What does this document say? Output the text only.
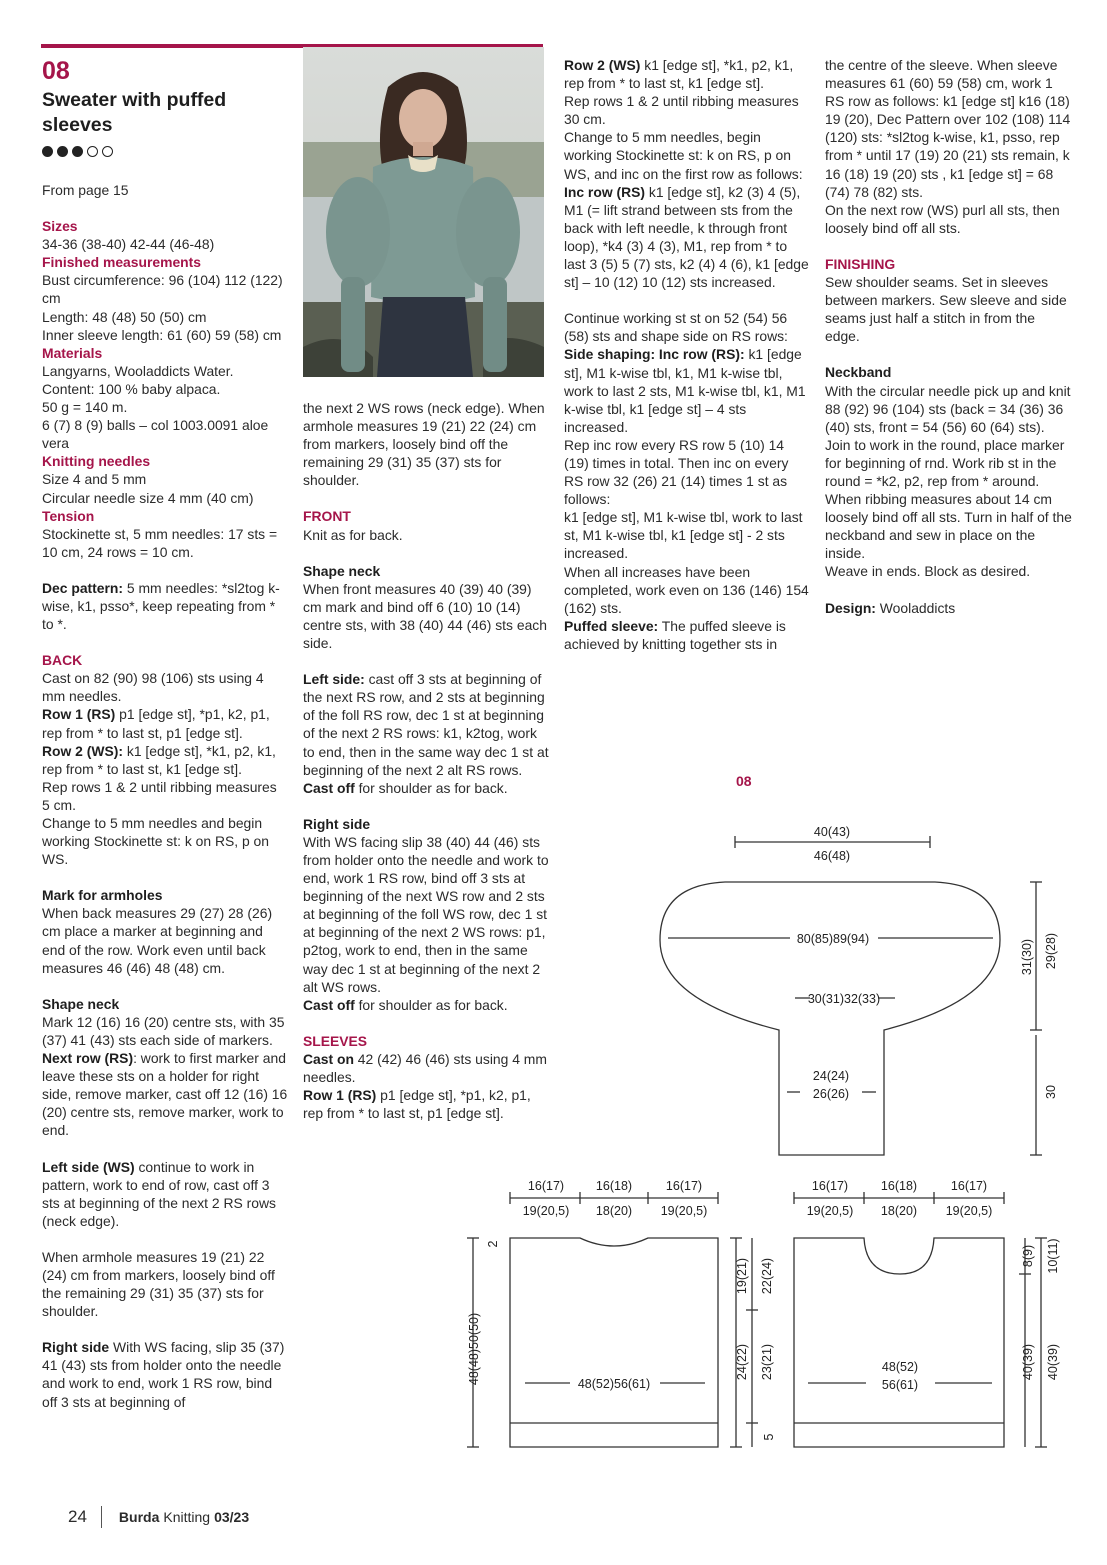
08
Sweater with puffed sleeves

From page 15

Sizes
34-36 (38-40) 42-44 (46-48)
Finished measurements
Bust circumference: 96 (104) 112 (122) cm
Length: 48 (48) 50 (50) cm
Inner sleeve length: 61 (60) 59 (58) cm
Materials
Langyarns, Wooladdicts Water.
Content: 100 % baby alpaca.
50 g = 140 m.
6 (7) 8 (9) balls – col 1003.0091 aloe vera
Knitting needles
Size 4 and 5 mm
Circular needle size 4 mm (40 cm)
Tension

Stockinette st, 5 mm needles: 17 sts = 10 cm, 24 rows = 10 cm.

Dec pattern: 5 mm needles: *sl2tog k-wise, k1, psso*, keep repeating from * to *.

BACK
Cast on 82 (90) 98 (106) sts using 4 mm needles.
Row 1 (RS) p1 [edge st], *p1, k2, p1, rep from * to last st, p1 [edge st].

Row 2 (WS): k1 [edge st], *k1, p2, k1, rep from * to last st, k1 [edge st].
Rep rows 1 & 2 until ribbing measures 5 cm.
Change to 5 mm needles and begin working Stockinette st: k on RS, p on WS.

Mark for armholes

When back measures 29 (27) 28 (26) cm place a marker at beginning and end of the row. Work even until back measures 46 (46) 48 (48) cm.

Shape neck
Mark 12 (16) 16 (20) centre sts, with 35 (37) 41 (43) sts each side of markers.

Next row (RS): work to first marker and leave these sts on a holder for right side, remove marker, cast off 12 (16) 16 (20) centre sts, remove marker, work to end.

Left side (WS) continue to work in pattern, work to end of row, cast off 3 sts at beginning of the next 2 RS rows (neck edge).

When armhole measures 19 (21) 22 (24) cm from markers, loosely bind off the remaining 29 (31) 35 (37) sts for shoulder.

Right side With WS facing, slip 35 (37) 41 (43) sts from holder onto the needle and work to end, work 1 RS row, bind off 3 sts at beginning of

the next 2 WS rows (neck edge). When armhole measures 19 (21) 22 (24) cm from markers, loosely bind off the remaining 29 (31) 35 (37) sts for shoulder.

FRONT

Knit as for back.

Shape neck

When front measures 40 (39) 40 (39) cm mark and bind off 6 (10) 10 (14) centre sts, with 38 (40) 44 (46) sts each side.

Left side: cast off 3 sts at beginning of the next RS row, and 2 sts at beginning of the foll RS row, dec 1 st at beginning of the next 2 RS rows: k1, k2tog, work to end, then in the same way dec 1 st at beginning of the next 2 alt RS rows.

Cast off for shoulder as for back.

Right side
With WS facing slip 38 (40) 44 (46) sts from holder onto the needle and work to end, work 1 RS row, bind off 3 sts at beginning of the next WS row and 2 sts at beginning of the foll WS row, dec 1 st at beginning of the next 2 WS rows: p1, p2tog, work to end, then in the same way dec 1 st at beginning of the next 2 alt WS rows.

Cast off for shoulder as for back.

SLEEVES
Cast on 42 (42) 46 (46) sts using 4 mm needles.
Row 1 (RS) p1 [edge st], *p1, k2, p1, rep from * to last st, p1 [edge st].

Row 2 (WS) k1 [edge st], *k1, p2, k1, rep from * to last st, k1 [edge st].
Rep rows 1 & 2 until ribbing measures 30 cm.
Change to 5 mm needles, begin working Stockinette st: k on RS, p on WS, and inc on the first row as follows:

Inc row (RS) k1 [edge st], k2 (3) 4 (5), M1 (= lift strand between sts from the back with left needle, k through front loop), *k4 (3) 4 (3), M1, rep from * to last 3 (5) 5 (7) sts, k2 (4) 4 (6), k1 [edge st] – 10 (12) 10 (12) sts increased.

Continue working st st on 52 (54) 56 (58) sts and shape side on RS rows:
Side shaping: Inc row (RS): k1 [edge st], M1 k-wise tbl, k1, M1 k-wise tbl, work to last 2 sts, M1 k-wise tbl, k1, M1 k-wise tbl, k1 [edge st] – 4 sts increased.
Rep inc row every RS row 5 (10) 14 (19) times in total. Then inc on every RS row 32 (26) 21 (14) times 1 st as follows:
k1 [edge st], M1 k-wise tbl, work to last st, M1 k-wise tbl, k1 [edge st] - 2 sts increased.
When all increases have been completed, work even on 136 (146) 154 (162) sts.
Puffed sleeve: The puffed sleeve is achieved by knitting together sts in

the centre of the sleeve. When sleeve measures 61 (60) 59 (58) cm, work 1 RS row as follows: k1 [edge st] k16 (18) 19 (20), Dec Pattern over 102 (108) 114 (120) sts: *sl2tog k-wise, k1, psso, rep from * until 17 (19) 20 (21) sts remain, k 16 (18) 19 (20) sts , k1 [edge st] = 68 (74) 78 (82) sts.
On the next row (WS) purl all sts, then loosely bind off all sts.

FINISHING

Sew shoulder seams. Set in sleeves between markers. Sew sleeve and side seams just half a stitch in from the edge.

Neckband

With the circular needle pick up and knit 88 (92) 96 (104) sts (back = 34 (36) 36 (40) sts, front = 54 (56) 60 (64) sts). Join to work in the round, place marker for beginning of rnd. Work rib st in the round = *k2, p2, rep from * around. When ribbing measures about 14 cm loosely bind off all sts. Turn in half of the neckband and sew in place on the inside.
Weave in ends. Block as desired.

Design: Wooladdicts
08
40(43)
46(48)
80(85)89(94)
30(31)32(33)
24(24)
26(26)
31(30) 29(28)
30
16(17)	16(18)	16(17)
19(20,5) 18(20) 19(20,5)
2
48(48)50(50)	48(52)56(61)
19(21) 22(24)
24(22) 23(21)
5
16(17)	16(18)	16(17)
19(20,5) 18(20) 19(20,5)
48(52)
56(61)
8(9) 10(11)
40(39) 40(39)
24 Burda Knitting 03/23
